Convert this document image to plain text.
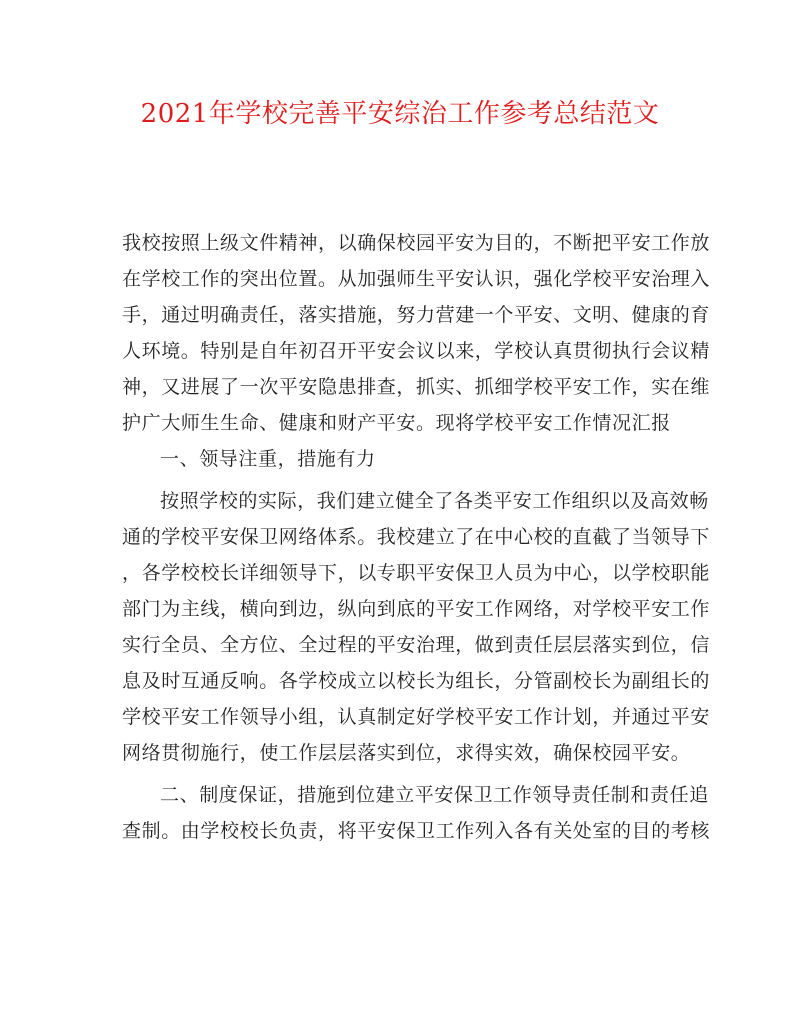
2021年学校完善平安综治工作参考总结范文
我校按照上级文件精神，以确保校园平安为目的，不断把平安工作放
在学校工作的突出位置。从加强师生平安认识，强化学校平安治理入
手，通过明确责任，落实措施，努力营建一个平安、文明、健康的育
人环境。特别是自年初召开平安会议以来，学校认真贯彻执行会议精
神，又进展了一次平安隐患排查，抓实、抓细学校平安工作，实在维
护广大师生生命、健康和财产平安。现将学校平安工作情况汇报
一、领导注重，措施有力
按照学校的实际，我们建立健全了各类平安工作组织以及高效畅
通的学校平安保卫网络体系。我校建立了在中心校的直截了当领导下
，各学校校长详细领导下，以专职平安保卫人员为中心，以学校职能
部门为主线，横向到边，纵向到底的平安工作网络，对学校平安工作
实行全员、全方位、全过程的平安治理，做到责任层层落实到位，信
息及时互通反响。各学校成立以校长为组长，分管副校长为副组长的
学校平安工作领导小组，认真制定好学校平安工作计划，并通过平安
网络贯彻施行，使工作层层落实到位，求得实效，确保校园平安。
二、制度保证，措施到位建立平安保卫工作领导责任制和责任追
查制。由学校校长负责，将平安保卫工作列入各有关处室的目的考核
